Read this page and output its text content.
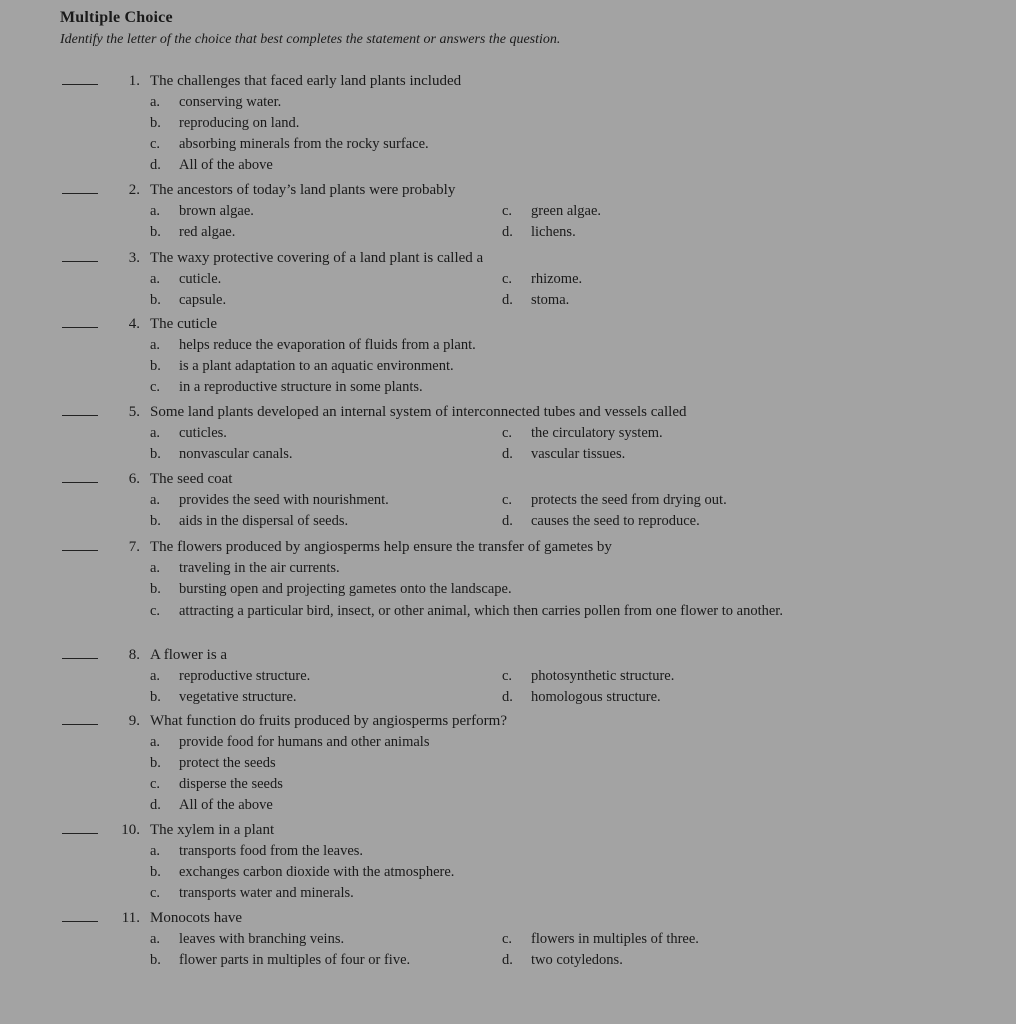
Multiple Choice
Identify the letter of the choice that best completes the statement or answers the question.
1. The challenges that faced early land plants included
a. conserving water.
b. reproducing on land.
c. absorbing minerals from the rocky surface.
d. All of the above
2. The ancestors of today’s land plants were probably
a. brown algae.
b. red algae.
c. green algae.
d. lichens.
3. The waxy protective covering of a land plant is called a
a. cuticle.
b. capsule.
c. rhizome.
d. stoma.
4. The cuticle
a. helps reduce the evaporation of fluids from a plant.
b. is a plant adaptation to an aquatic environment.
c. in a reproductive structure in some plants.
5. Some land plants developed an internal system of interconnected tubes and vessels called
a. cuticles.
b. nonvascular canals.
c. the circulatory system.
d. vascular tissues.
6. The seed coat
a. provides the seed with nourishment.
b. aids in the dispersal of seeds.
c. protects the seed from drying out.
d. causes the seed to reproduce.
7. The flowers produced by angiosperms help ensure the transfer of gametes by
a. traveling in the air currents.
b. bursting open and projecting gametes onto the landscape.
c. attracting a particular bird, insect, or other animal, which then carries pollen from one flower to another.
8. A flower is a
a. reproductive structure.
b. vegetative structure.
c. photosynthetic structure.
d. homologous structure.
9. What function do fruits produced by angiosperms perform?
a. provide food for humans and other animals
b. protect the seeds
c. disperse the seeds
d. All of the above
10. The xylem in a plant
a. transports food from the leaves.
b. exchanges carbon dioxide with the atmosphere.
c. transports water and minerals.
11. Monocots have
a. leaves with branching veins.
b. flower parts in multiples of four or five.
c. flowers in multiples of three.
d. two cotyledons.
